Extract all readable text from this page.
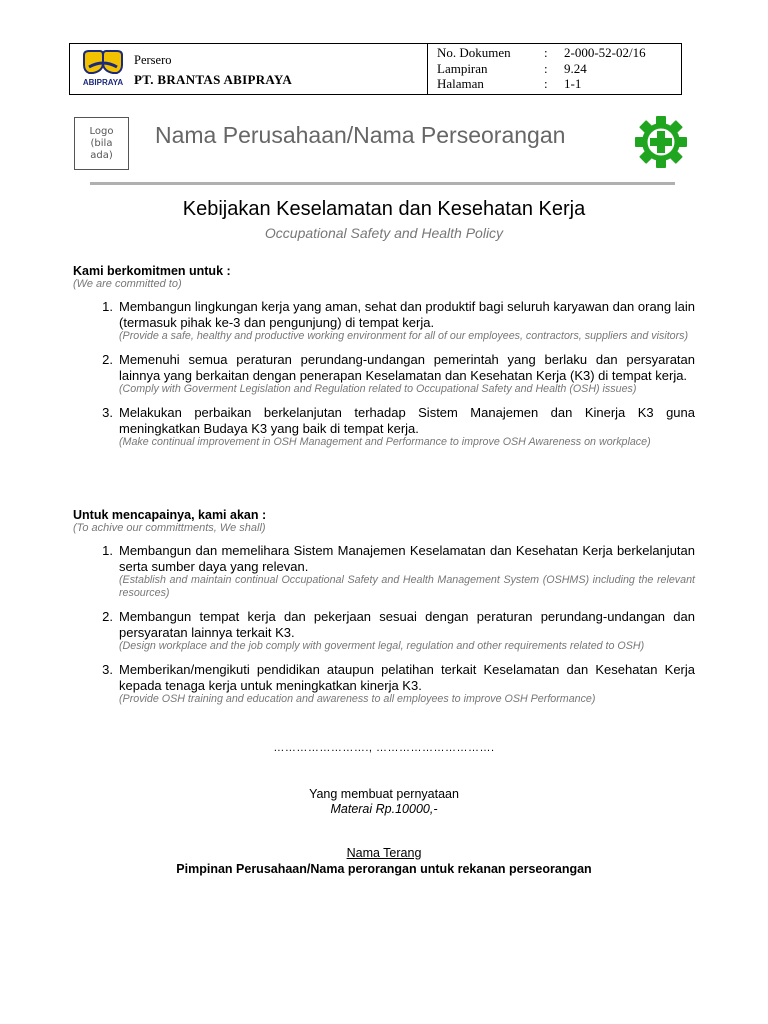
ABIPRAYA
Persero
PT. BRANTAS ABIPRAYA
No. Dokumen	:	2-000-52-02/16
Lampiran	:	9.24
Halaman	:	1-1
Logo
(bila
ada)
Nama Perusahaan/Nama Perseorangan
Kebijakan Keselamatan dan Kesehatan Kerja
Occupational Safety and Health Policy
Kami berkomitmen untuk :
(We are committed to)
1. Membangun lingkungan kerja yang aman, sehat dan produktif bagi seluruh karyawan dan orang lain (termasuk pihak ke-3 dan pengunjung) di tempat kerja.
(Provide a safe, healthy and productive working environment for all of our employees, contractors, suppliers and visitors)
2. Memenuhi semua peraturan perundang-undangan pemerintah yang berlaku dan persyaratan lainnya yang berkaitan dengan penerapan Keselamatan dan Kesehatan Kerja (K3) di tempat kerja.
(Comply with Goverment Legislation and Regulation related to Occupational Safety and Health (OSH) issues)
3. Melakukan perbaikan berkelanjutan terhadap Sistem Manajemen dan Kinerja K3 guna meningkatkan Budaya K3 yang baik di tempat kerja.
(Make continual improvement in OSH Management and Performance to improve OSH Awareness on workplace)
Untuk mencapainya, kami akan :
(To achive our committments, We shall)
1. Membangun dan memelihara Sistem Manajemen Keselamatan dan Kesehatan Kerja berkelanjutan serta sumber daya yang relevan.
(Establish and maintain continual Occupational Safety and Health Management System (OSHMS) including the relevant resources)
2. Membangun tempat kerja dan pekerjaan sesuai dengan peraturan perundang-undangan dan persyaratan lainnya terkait K3.
(Design workplace and the job comply with goverment legal, regulation and other requirements related to OSH)
3. Memberikan/mengikuti pendidikan ataupun pelatihan terkait Keselamatan dan Kesehatan Kerja kepada tenaga kerja untuk meningkatkan kinerja K3.
(Provide OSH training and education and awareness to all employees to improve OSH Performance)
……………………., ………………………….
Yang membuat pernyataan
Materai Rp.10000,-
Nama Terang
Pimpinan Perusahaan/Nama perorangan untuk rekanan perseorangan
